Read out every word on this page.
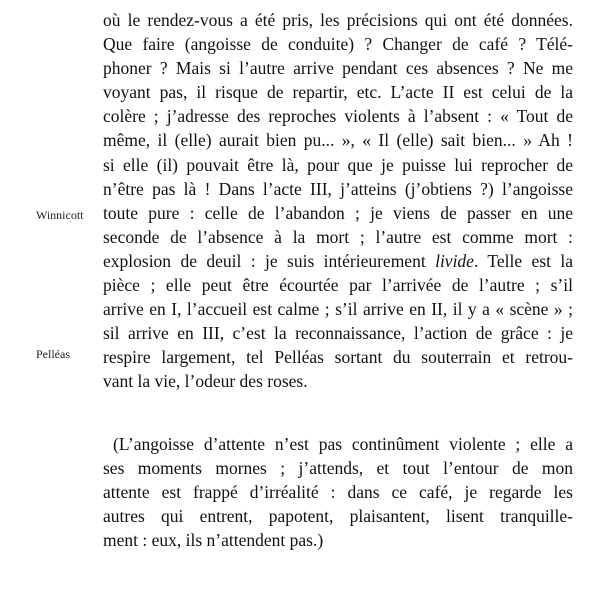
Winnicott
Pelléas
où le rendez-vous a été pris, les précisions qui ont été données.
Que faire (angoisse de conduite) ? Changer de café ? Télé-
phoner ? Mais si l’autre arrive pendant ces absences ? Ne me
voyant pas, il risque de repartir, etc. L’acte II est celui de la
colère ; j’adresse des reproches violents à l’absent : « Tout de
même, il (elle) aurait bien pu... », « Il (elle) sait bien... » Ah !
si elle (il) pouvait être là, pour que je puisse lui reprocher de
n’être pas là ! Dans l’acte III, j’atteins (j’obtiens ?) l’angoisse
toute pure : celle de l’abandon ; je viens de passer en une
seconde de l’absence à la mort ; l’autre est comme mort :
explosion de deuil : je suis intérieurement livide. Telle est la
pièce ; elle peut être écourtée par l’arrivée de l’autre ; s’il
arrive en I, l’accueil est calme ; s’il arrive en II, il y a « scène » ;
sil arrive en III, c’est la reconnaissance, l’action de grâce : je
respire largement, tel Pelléas sortant du souterrain et retrou-
vant la vie, l’odeur des roses.
(L’angoisse d’attente n’est pas continûment violente ; elle a
ses moments mornes ; j’attends, et tout l’entour de mon
attente est frappé d’irréalité : dans ce café, je regarde les
autres qui entrent, papotent, plaisantent, lisent tranquille-
ment : eux, ils n’attendent pas.)
